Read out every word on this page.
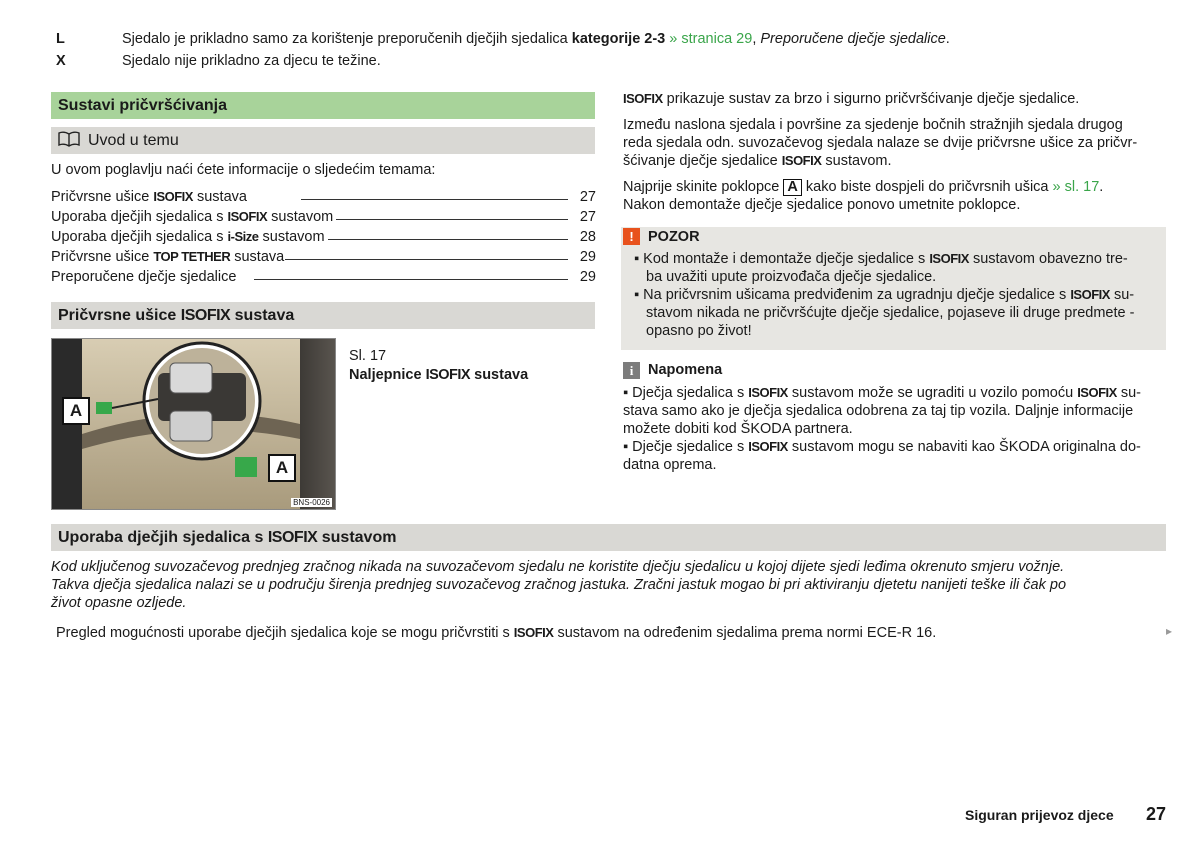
L	Sjedalo je prikladno samo za korištenje preporučenih dječjih sjedalica kategorije 2-3 » stranica 29, Preporučene dječje sjedalice.
X	Sjedalo nije prikladno za djecu te težine.
Sustavi pričvršćivanja
Uvod u temu
U ovom poglavlju naći ćete informacije o sljedećim temama:
Pričvrsne ušice ISOFIX sustava	27
Uporaba dječjih sjedalica s ISOFIX sustavom	27
Uporaba dječjih sjedalica s i-Size sustavom	28
Pričvrsne ušice TOP TETHER sustava	29
Preporučene dječje sjedalice	29
Pričvrsne ušice ISOFIX sustava
A
A
BNS-0026
Sl. 17
Naljepnice ISOFIX sustava
ISOFIX prikazuje sustav za brzo i sigurno pričvršćivanje dječje sjedalice.
Između naslona sjedala i površine za sjedenje bočnih stražnjih sjedala drugog
reda sjedala odn. suvozačevog sjedala nalaze se dvije pričvrsne ušice za pričvr-
šćivanje dječje sjedalice ISOFIX sustavom.
Najprije skinite poklopce A kako biste dospjeli do pričvrsnih ušica » sl. 17.
Nakon demontaže dječje sjedalice ponovo umetnite poklopce.
! POZOR
▪ Kod montaže i demontaže dječje sjedalice s ISOFIX sustavom obavezno tre-
ba uvažiti upute proizvođača dječje sjedalice.
▪ Na pričvrsnim ušicama predviđenim za ugradnju dječje sjedalice s ISOFIX su-
stavom nikada ne pričvršćujte dječje sjedalice, pojaseve ili druge predmete -
opasno po život!
i	Napomena
▪ Dječja sjedalica s ISOFIX sustavom može se ugraditi u vozilo pomoću ISOFIX su-
stava samo ako je dječja sjedalica odobrena za taj tip vozila. Daljnje informacije
možete dobiti kod ŠKODA partnera.
▪ Dječje sjedalice s ISOFIX sustavom mogu se nabaviti kao ŠKODA originalna do-
datna oprema.
Uporaba dječjih sjedalica s ISOFIX sustavom
Kod uključenog suvozačevog prednjeg zračnog nikada na suvozačevom sjedalu ne koristite dječju sjedalicu u kojoj dijete sjedi leđima okrenuto smjeru vožnje.
Takva dječja sjedalica nalazi se u području širenja prednjeg suvozačevog zračnog jastuka. Zračni jastuk mogao bi pri aktiviranju djetetu nanijeti teške ili čak po
život opasne ozljede.
Pregled mogućnosti uporabe dječjih sjedalica koje se mogu pričvrstiti s ISOFIX sustavom na određenim sjedalima prema normi ECE-R 16.	▸
Siguran prijevoz djece 27
